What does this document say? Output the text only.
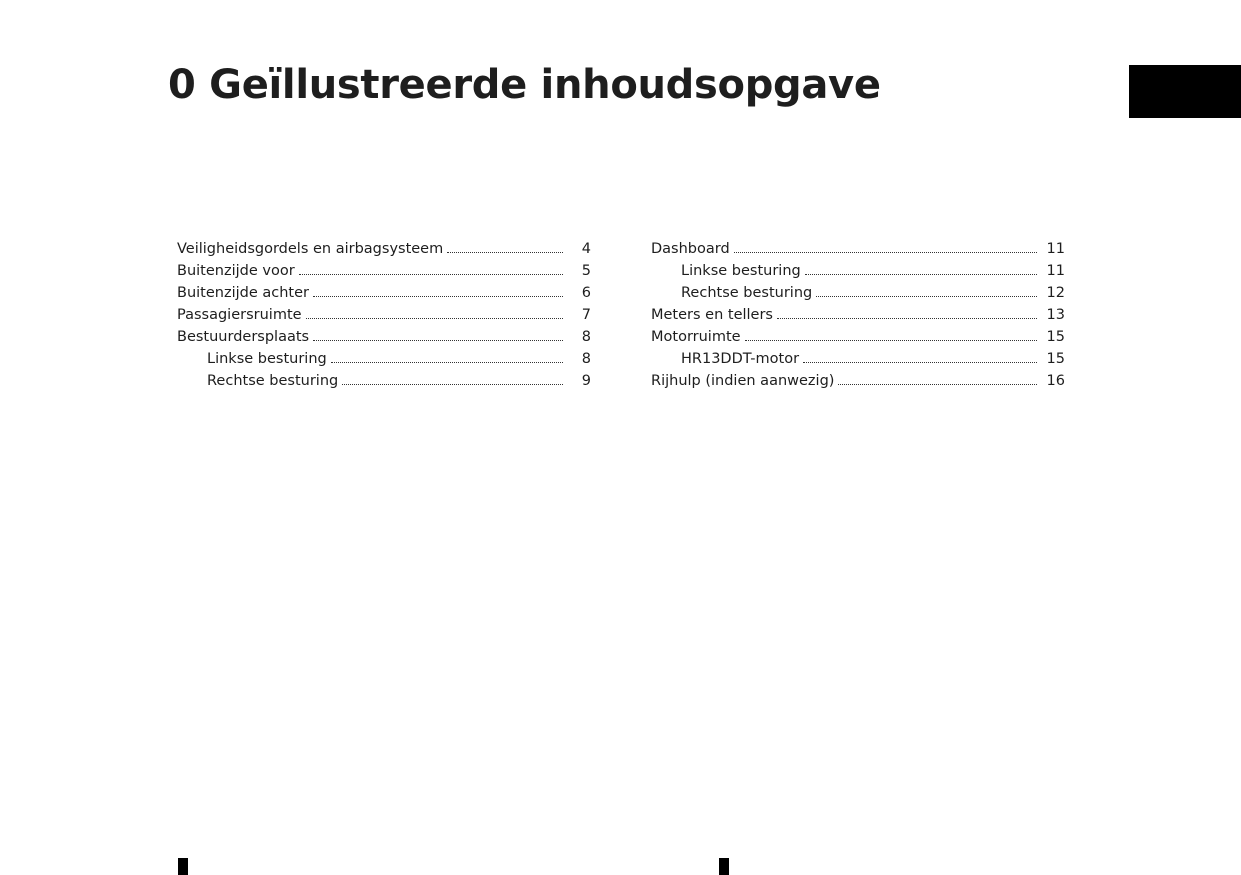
0 Geïllustreerde inhoudsopgave
Veiligheidsgordels en airbagsysteem	4
Buitenzijde voor	5
Buitenzijde achter	6
Passagiersruimte	7
Bestuurdersplaats	8
Linkse besturing	8
Rechtse besturing	9
Dashboard	11
Linkse besturing	11
Rechtse besturing	12
Meters en tellers	13
Motorruimte	15
HR13DDT-motor	15
Rijhulp (indien aanwezig)	16
